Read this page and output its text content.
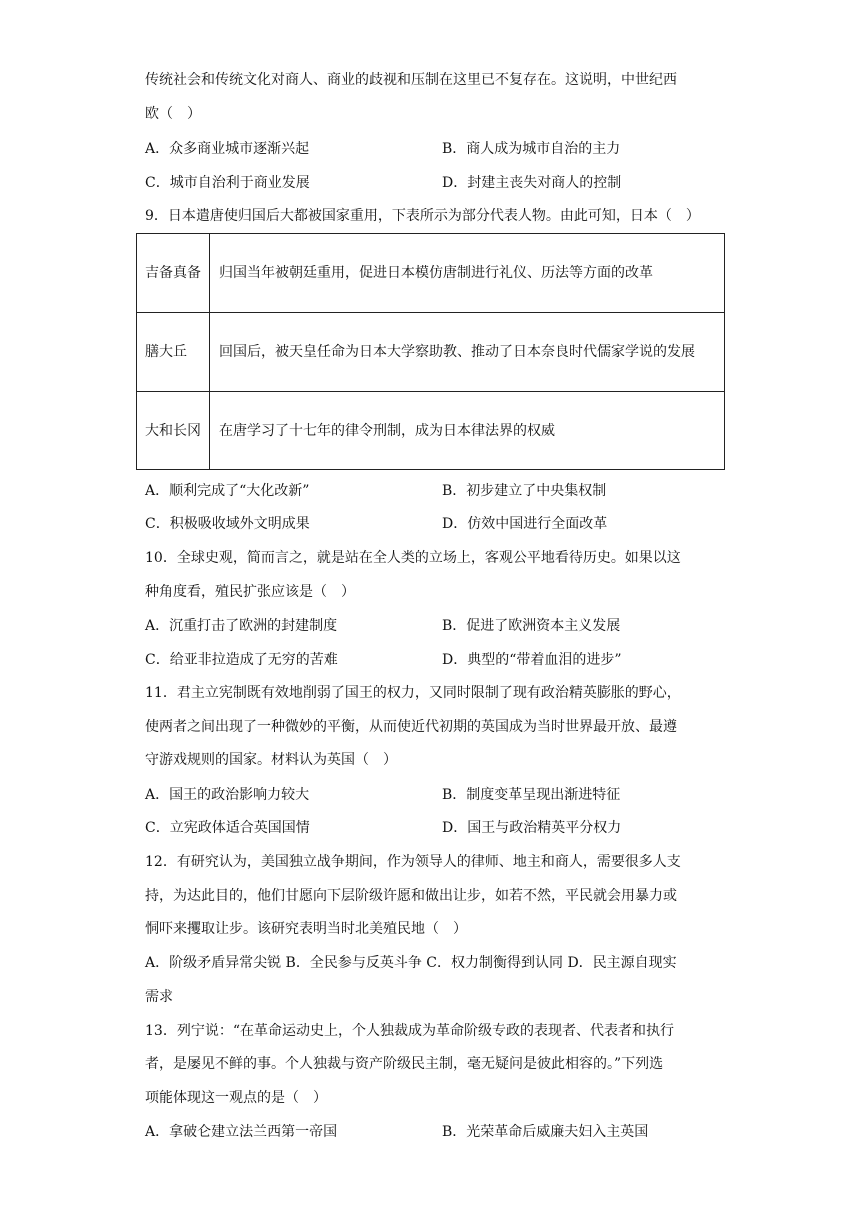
传统社会和传统文化对商人、商业的歧视和压制在这里已不复存在。这说明，中世纪西
欧（　）
A．众多商业城市逐渐兴起	B．商人成为城市自治的主力
C．城市自治利于商业发展	D．封建主丧失对商人的控制
9．日本遣唐使归国后大都被国家重用，下表所示为部分代表人物。由此可知，日本（　）
吉备真备	归国当年被朝廷重用，促进日本模仿唐制进行礼仪、历法等方面的改革
膳大丘	回国后，被天皇任命为日本大学察助教、推动了日本奈良时代儒家学说的发展
大和长冈	在唐学习了十七年的律令刑制，成为日本律法界的权威
A．顺利完成了“大化改新”	B．初步建立了中央集权制
C．积极吸收域外文明成果	D．仿效中国进行全面改革
10．全球史观，简而言之，就是站在全人类的立场上，客观公平地看待历史。如果以这
种角度看，殖民扩张应该是（　）
A．沉重打击了欧洲的封建制度	B．促进了欧洲资本主义发展
C．给亚非拉造成了无穷的苦难	D．典型的“带着血泪的进步”
11．君主立宪制既有效地削弱了国王的权力，又同时限制了现有政治精英膨胀的野心，
使两者之间出现了一种微妙的平衡，从而使近代初期的英国成为当时世界最开放、最遵
守游戏规则的国家。材料认为英国（　）
A．国王的政治影响力较大	B．制度变革呈现出渐进特征
C．立宪政体适合英国国情	D．国王与政治精英平分权力
12．有研究认为，美国独立战争期间，作为领导人的律师、地主和商人，需要很多人支
持，为达此目的，他们甘愿向下层阶级许愿和做出让步，如若不然，平民就会用暴力或
恫吓来攫取让步。该研究表明当时北美殖民地（　）
A．阶级矛盾异常尖锐 B．全民参与反英斗争 C．权力制衡得到认同 D．民主源自现实
需求
13．列宁说：“在革命运动史上，个人独裁成为革命阶级专政的表现者、代表者和执行
者，是屡见不鲜的事。个人独裁与资产阶级民主制，毫无疑问是彼此相容的。”下列选
项能体现这一观点的是（　）
A．拿破仑建立法兰西第一帝国	B．光荣革命后威廉夫妇入主英国
